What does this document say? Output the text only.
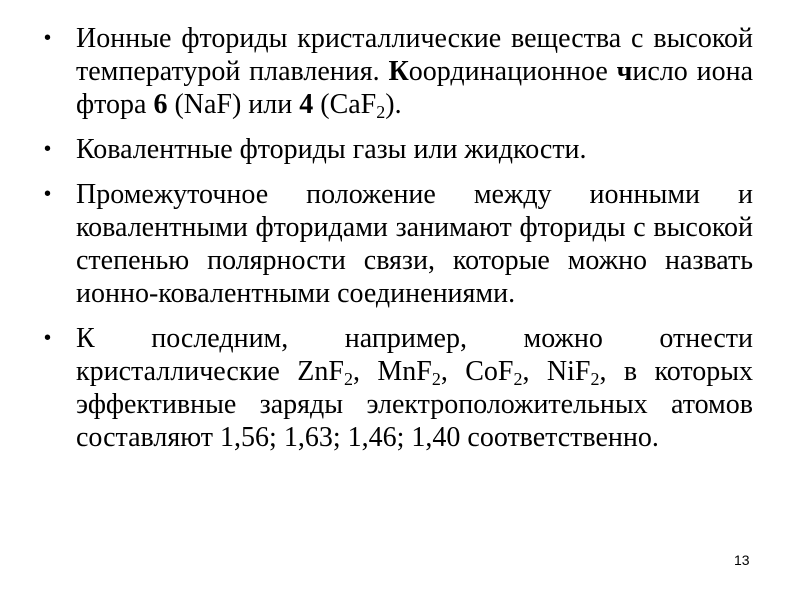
• Ионные фториды кристаллические вещества с высокой температурой плавления. Координационное число иона фтора 6 (NaF) или 4 (CaF$_2$).
• Ковалентные фториды газы или жидкости.
• Промежуточное положение между ионными и ковалентными фторидами занимают фториды с высокой степенью полярности связи, которые можно назвать ионно-ковалентными соединениями.
• К последним, например, можно отнести кристаллические ZnF$_2$, MnF$_2$, CoF$_2$, NiF$_2$, в которых эффективные заряды электроположительных атомов составляют 1,56; 1,63; 1,46; 1,40 соответственно.
13
